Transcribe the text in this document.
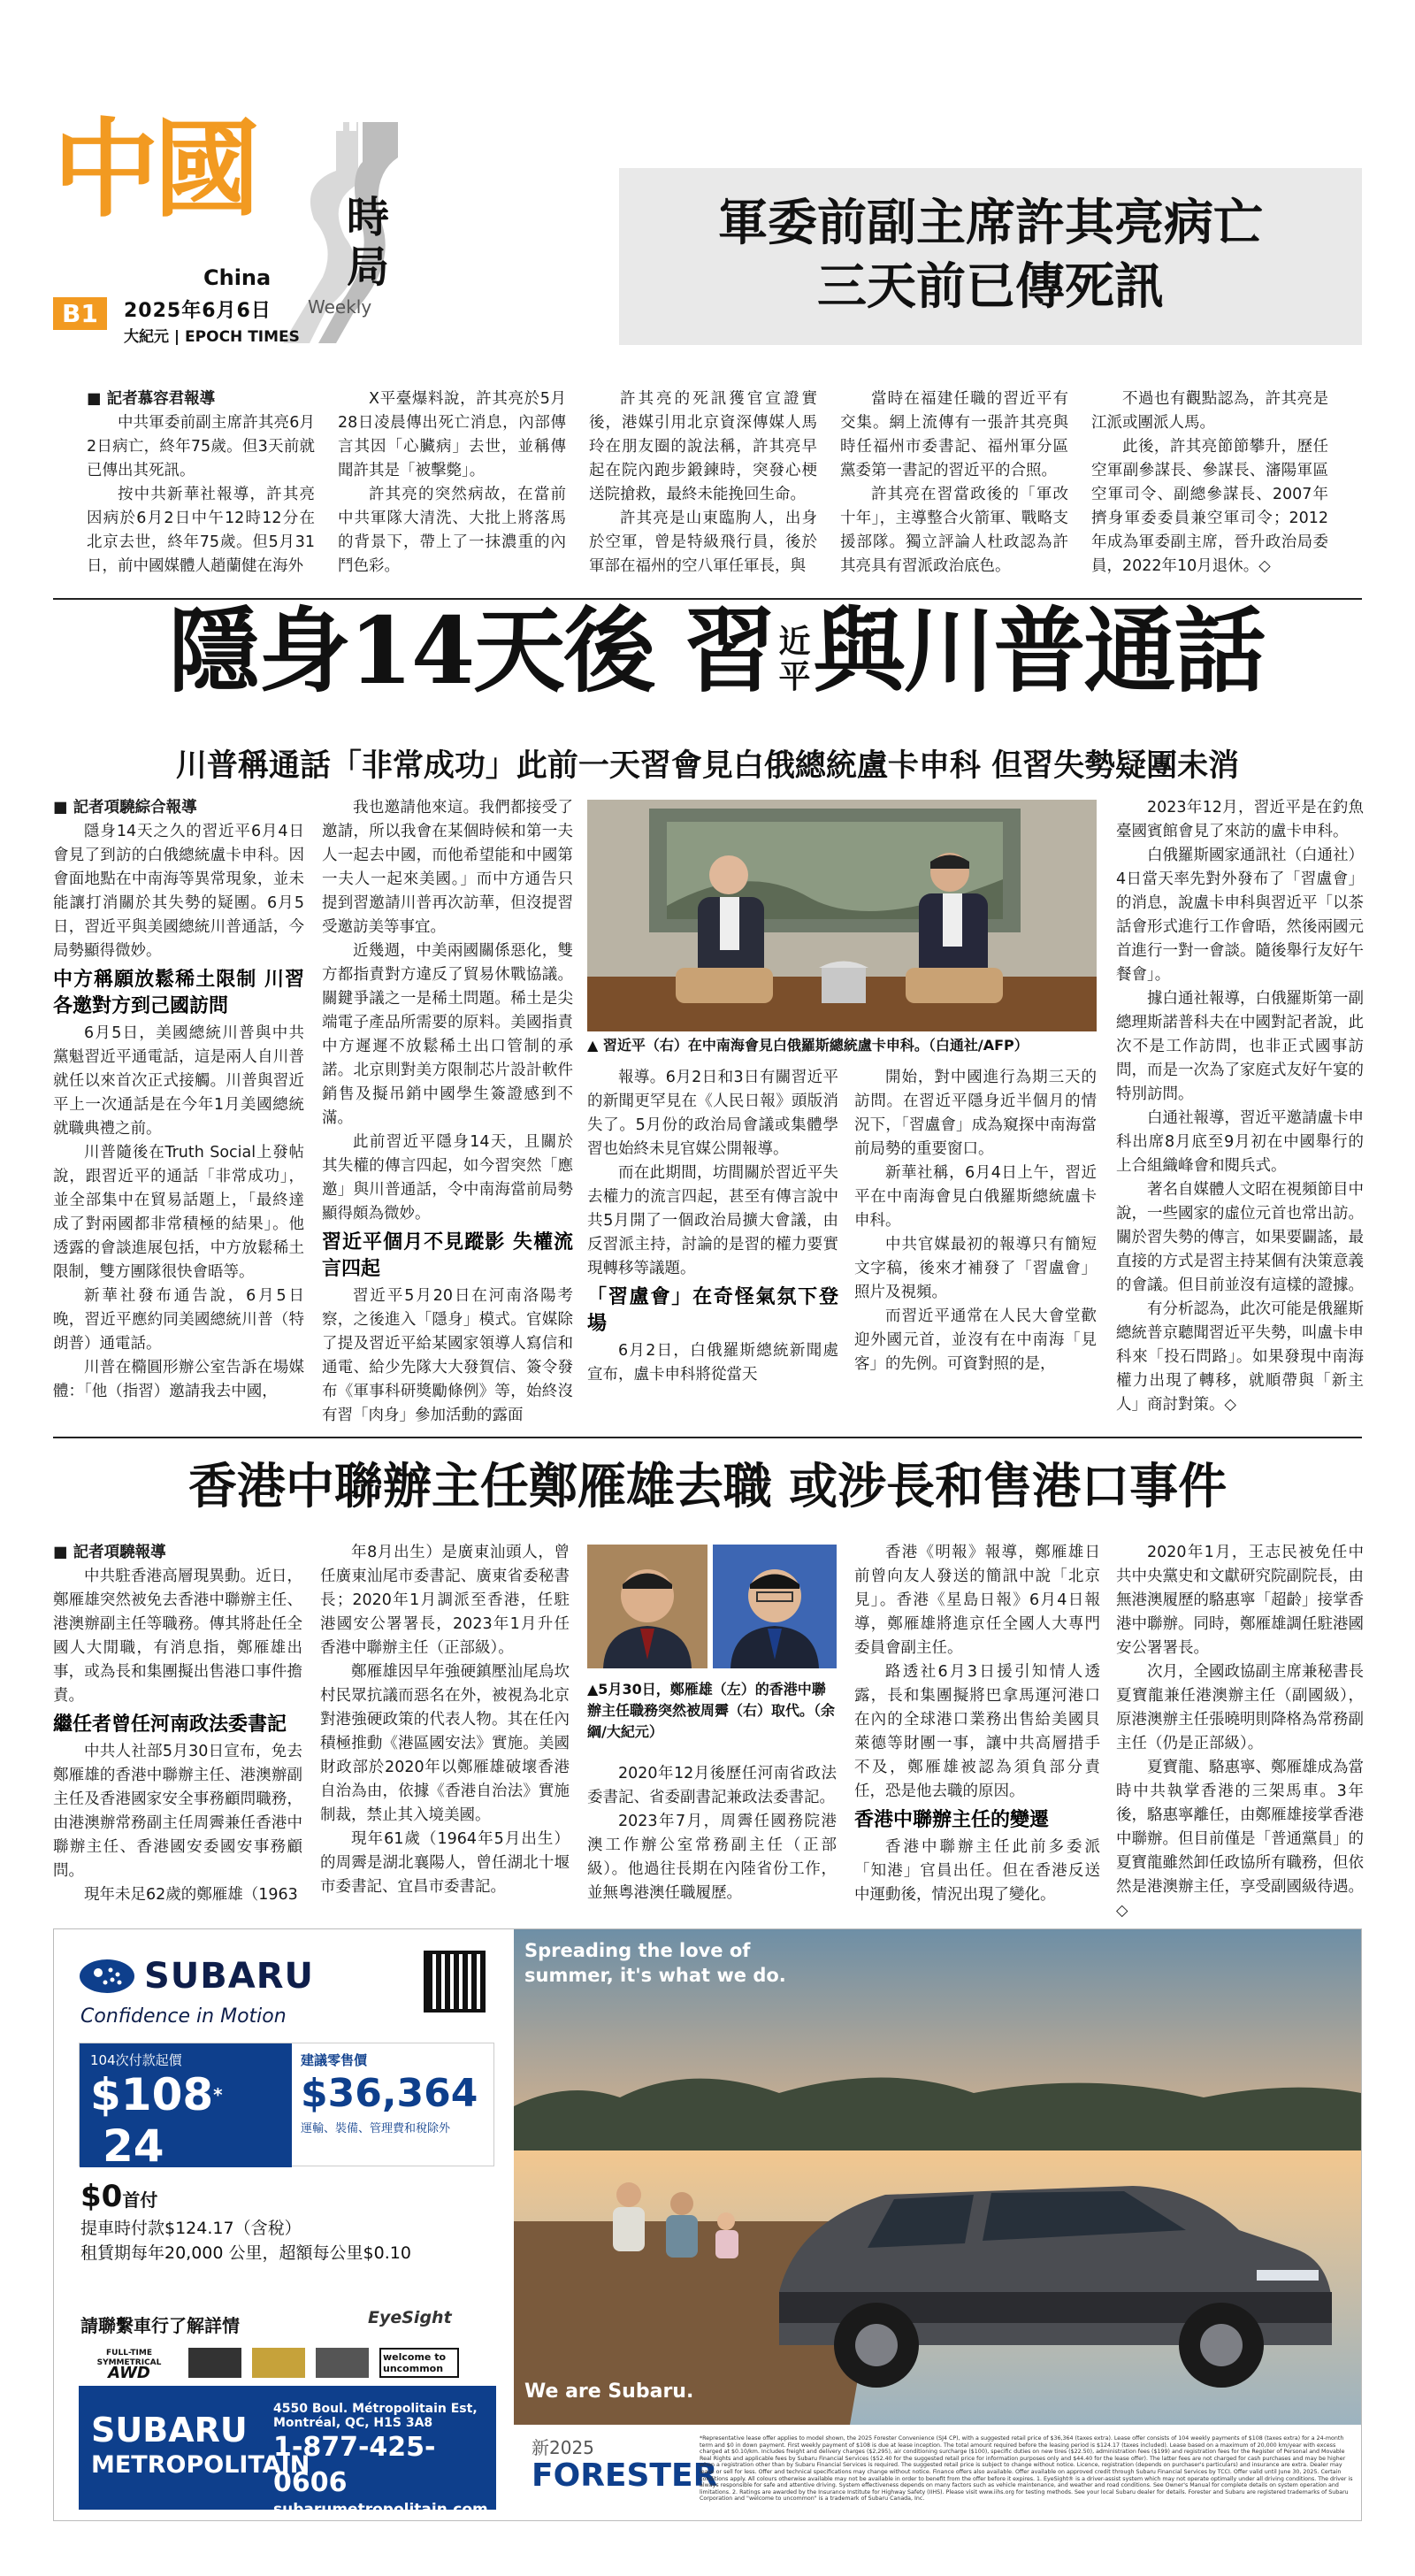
中國 時局
China
B1	2025年6月6日 Weekly
大紀元 | EPOCH TIMES
軍委前副主席許其亮病亡
三天前已傳死訊

■ 記者慕容君報導

中共軍委前副主席許其亮6月2日病亡，終年75歲。但3天前就已傳出其死訊。

按中共新華社報導，許其亮因病於6月2日中午12時12分在北京去世，終年75歲。但5月31日，前中國媒體人趙蘭健在海外

X平臺爆料說，許其亮於5月28日凌晨傳出死亡消息，內部傳言其因「心臟病」去世，並稱傳聞許其是「被擊斃」。

許其亮的突然病故，在當前中共軍隊大清洗、大批上將落馬的背景下，帶上了一抹濃重的內鬥色彩。

許其亮的死訊獲官宣證實後，港媒引用北京資深傳媒人馬玲在朋友圈的說法稱，許其亮早起在院內跑步鍛鍊時，突發心梗送院搶救，最終未能挽回生命。

許其亮是山東臨朐人，出身於空軍，曾是特級飛行員，後於軍部在福州的空八軍任軍長，與

當時在福建任職的習近平有交集。網上流傳有一張許其亮與時任福州市委書記、福州軍分區黨委第一書記的習近平的合照。

許其亮在習當政後的「軍改十年」，主導整合火箭軍、戰略支援部隊。獨立評論人杜政認為許其亮具有習派政治底色。

不過也有觀點認為，許其亮是江派或團派人馬。

此後，許其亮節節攀升，歷任空軍副參謀長、參謀長、瀋陽軍區空軍司令、副總參謀長、2007年擠身軍委委員兼空軍司令；2012年成為軍委副主席，晉升政治局委員，2022年10月退休。◇

隱身14天後 習 近
平與川普通話
川普稱通話「非常成功」此前一天習會見白俄總統盧卡申科 但習失勢疑團未消

■ 記者項驍綜合報導

隱身14天之久的習近平6月4日會見了到訪的白俄總統盧卡申科。因會面地點在中南海等異常現象，並未能讓打消關於其失勢的疑團。6月5日，習近平與美國總統川普通話，今局勢顯得微妙。

中方稱願放鬆稀土限制 川習各邀對方到己國訪問

6月5日，美國總統川普與中共黨魁習近平通電話，這是兩人自川普就任以來首次正式接觸。川普與習近平上一次通話是在今年1月美國總統就職典禮之前。

川普隨後在Truth Social上發帖說，跟習近平的通話「非常成功」，並全部集中在貿易話題上，「最終達成了對兩國都非常積極的結果」。他透露的會談進展包括，中方放鬆稀土限制，雙方團隊很快會晤等。

新華社發布通告說，6月5日晚，習近平應約同美國總統川普（特朗普）通電話。

川普在橢圓形辦公室告訴在場媒體：「他（指習）邀請我去中國，

我也邀請他來這。我們都接受了邀請，所以我會在某個時候和第一夫人一起去中國，而他希望能和中國第一夫人一起來美國。」而中方通告只提到習邀請川普再次訪華，但沒提習受邀訪美等事宜。

近幾週，中美兩國關係惡化，雙方都指責對方違反了貿易休戰協議。關鍵爭議之一是稀土問題。稀土是尖端電子產品所需要的原料。美國指責中方遲遲不放鬆稀土出口管制的承諾。北京則對美方限制芯片設計軟件銷售及擬吊銷中國學生簽證感到不滿。

此前習近平隱身14天，且關於其失權的傳言四起，如今習突然「應邀」與川普通話，令中南海當前局勢顯得頗為微妙。

習近平個月不見蹤影 失權流言四起

習近平5月20日在河南洛陽考察，之後進入「隱身」模式。官媒除了提及習近平給某國家領導人寫信和通電、給少先隊大大發賀信、簽令發布《軍事科研獎勵條例》等，始終沒有習「肉身」參加活動的露面

▲ 習近平（右）在中南海會見白俄羅斯總統盧卡申科。（白通社/AFP）

報導。6月2日和3日有關習近平的新聞更罕見在《人民日報》頭版消失了。5月份的政治局會議或集體學習也始終未見官媒公開報導。

而在此期間，坊間關於習近平失去權力的流言四起，甚至有傳言說中共5月開了一個政治局擴大會議，由反習派主持，討論的是習的權力要實現轉移等議題。

「習盧會」在奇怪氣氛下登場

6月2日，白俄羅斯總統新聞處宣布，盧卡申科將從當天

開始，對中國進行為期三天的訪問。在習近平隱身近半個月的情況下，「習盧會」成為窺探中南海當前局勢的重要窗口。

新華社稱，6月4日上午，習近平在中南海會見白俄羅斯總統盧卡申科。

中共官媒最初的報導只有簡短文字稿，後來才補發了「習盧會」照片及視頻。

而習近平通常在人民大會堂歡迎外國元首，並沒有在中南海「見客」的先例。可資對照的是，

2023年12月，習近平是在釣魚臺國賓館會見了來訪的盧卡申科。

白俄羅斯國家通訊社（白通社）4日當天率先對外發布了「習盧會」的消息，說盧卡申科與習近平「以茶話會形式進行工作會晤，然後兩國元首進行一對一會談。隨後舉行友好午餐會」。

據白通社報導，白俄羅斯第一副總理斯諾普科夫在中國對記者說，此次不是工作訪問，也非正式國事訪問，而是一次為了家庭式友好午宴的特別訪問。

白通社報導，習近平邀請盧卡申科出席8月底至9月初在中國舉行的上合組織峰會和閱兵式。

著名自媒體人文昭在視頻節目中說，一些國家的虛位元首也常出訪。關於習失勢的傳言，如果要闢謠，最直接的方式是習主持某個有決策意義的會議。但目前並沒有這樣的證據。

有分析認為，此次可能是俄羅斯總統普京聽聞習近平失勢，叫盧卡申科來「投石問路」。如果發現中南海權力出現了轉移，就順帶與「新主人」商討對策。◇

香港中聯辦主任鄭雁雄去職 或涉長和售港口事件

■ 記者項驍報導

中共駐香港高層現異動。近日，鄭雁雄突然被免去香港中聯辦主任、港澳辦副主任等職務。傳其將赴任全國人大閒職，有消息指，鄭雁雄出事，或為長和集團擬出售港口事件擔責。

繼任者曾任河南政法委書記

中共人社部5月30日宣布，免去鄭雁雄的香港中聯辦主任、港澳辦副主任及香港國家安全事務顧問職務，由港澳辦常務副主任周霽兼任香港中聯辦主任、香港國安委國安事務顧問。

現年未足62歲的鄭雁雄（1963

年8月出生）是廣東汕頭人，曾任廣東汕尾市委書記、廣東省委秘書長；2020年1月調派至香港，任駐港國安公署署長，2023年1月升任香港中聯辦主任（正部級）。

鄭雁雄因早年強硬鎮壓汕尾烏坎村民眾抗議而惡名在外，被視為北京對港強硬政策的代表人物。其在任內積極推動《港區國安法》實施。美國財政部於2020年以鄭雁雄破壞香港自治為由，依據《香港自治法》實施制裁，禁止其入境美國。

現年61歲（1964年5月出生）的周霽是湖北襄陽人，曾任湖北十堰市委書記、宜昌市委書記。

▲5月30日，鄭雁雄（左）的香港中聯辦主任職務突然被周霽（右）取代。（余綱/大紀元）

2020年12月後歷任河南省政法委書記、省委副書記兼政法委書記。

2023年7月，周霽任國務院港澳工作辦公室常務副主任（正部級）。他過往長期在內陸省份工作，並無粵港澳任職履歷。

香港《明報》報導，鄭雁雄日前曾向友人發送的簡訊中說「北京見」。香港《星島日報》6月4日報導，鄭雁雄將進京任全國人大專門委員會副主任。

路透社6月3日援引知情人透露，長和集團擬將巴拿馬運河港口在內的全球港口業務出售給美國貝萊德等財團一事，讓中共高層措手不及，鄭雁雄被認為須負部分責任，恐是他去職的原因。

香港中聯辦主任的變遷

香港中聯辦主任此前多委派「知港」官員出任。但在香港反送中運動後，情況出現了變化。

2020年1月，王志民被免任中共中央黨史和文獻研究院副院長，由無港澳履歷的駱惠寧「超齡」接掌香港中聯辦。同時，鄭雁雄調任駐港國安公署署長。

次月，全國政協副主席兼秘書長夏寶龍兼任港澳辦主任（副國級），原港澳辦主任張曉明則降格為常務副主任（仍是正部級）。

夏寶龍、駱惠寧、鄭雁雄成為當時中共執掌香港的三架馬車。3年後，駱惠寧離任，由鄭雁雄接掌香港中聯辦。但目前僅是「普通黨員」的夏寶龍雖然卸任政協所有職務，但依然是港澳辦主任，享受副國級待遇。◇

SUBARU
Confidence in Motion
104次付款起價
$108* 24
每週，稅除外	個月租賃
建議零售價
$36,364
運輸、裝備、管理費和稅除外
$0首付
提車時付款$124.17（含稅）
租賃期每年20,000 公里，超額每公里$0.10
請聯繫車行了解詳情	EyeSight
FULL-TIME
SYMMETRICAL
AWD
welcome to uncommon
SUBARU
METROPOLITAIN
4550 Boul. Métropolitain Est,
Montréal, QC, H1S 3A8
1-877-425-0606
subarumetropolitain.com
Spreading the love of summer, it's what we do.
We are Subaru.
新2025
FORESTER
*Representative lease offer applies to model shown, the 2025 Forester Convenience (SJ4 CP), with a suggested retail price of $36,364 (taxes extra). Lease offer consists of 104 weekly payments of $108 (taxes extra) for a 24-month term and $0 in down payment. First weekly payment of $108 is due at lease inception. The total amount required before the leasing period is $124.17 (taxes included). Lease based on a maximum of 20,000 km/year with excess charged at $0.10/km. Includes freight and delivery charges ($2,295), air conditioning surcharge ($100), specific duties on new tires ($22.50), administration fees ($199) and registration fees for the Register of Personal and Movable Real Rights and applicable fees by Subaru Financial Services ($52.40 for the suggested retail price for information purposes only and $44.40 for the lease offer). The latter fees are not charged for cash purchases and may be higher when a registration other than by Subaru Financial Services is required. The suggested retail price is subject to change without notice. Licence, registration (depends on purchaser's particulars) and insurance are extra. Dealer may lease or sell for less. Offer and technical specifications may change without notice. Finance offers also available. Offer available on approved credit through Subaru Financial Services by TCCI. Offer valid until June 30, 2025. Certain conditions apply. All colours otherwise available may not be available in order to benefit from the offer before it expires. 1. EyeSight® is a driver-assist system which may not operate optimally under all driving conditions. The driver is always responsible for safe and attentive driving. System effectiveness depends on many factors such as vehicle maintenance, and weather and road conditions. See Owner's Manual for complete details on system operation and limitations. 2. Ratings are awarded by the Insurance Institute for Highway Safety (IIHS). Please visit www.iihs.org for testing methods. See your local Subaru dealer for details. Forester and Subaru are registered trademarks of Subaru Corporation and "welcome to uncommon" is a trademark of Subaru Canada, Inc.
